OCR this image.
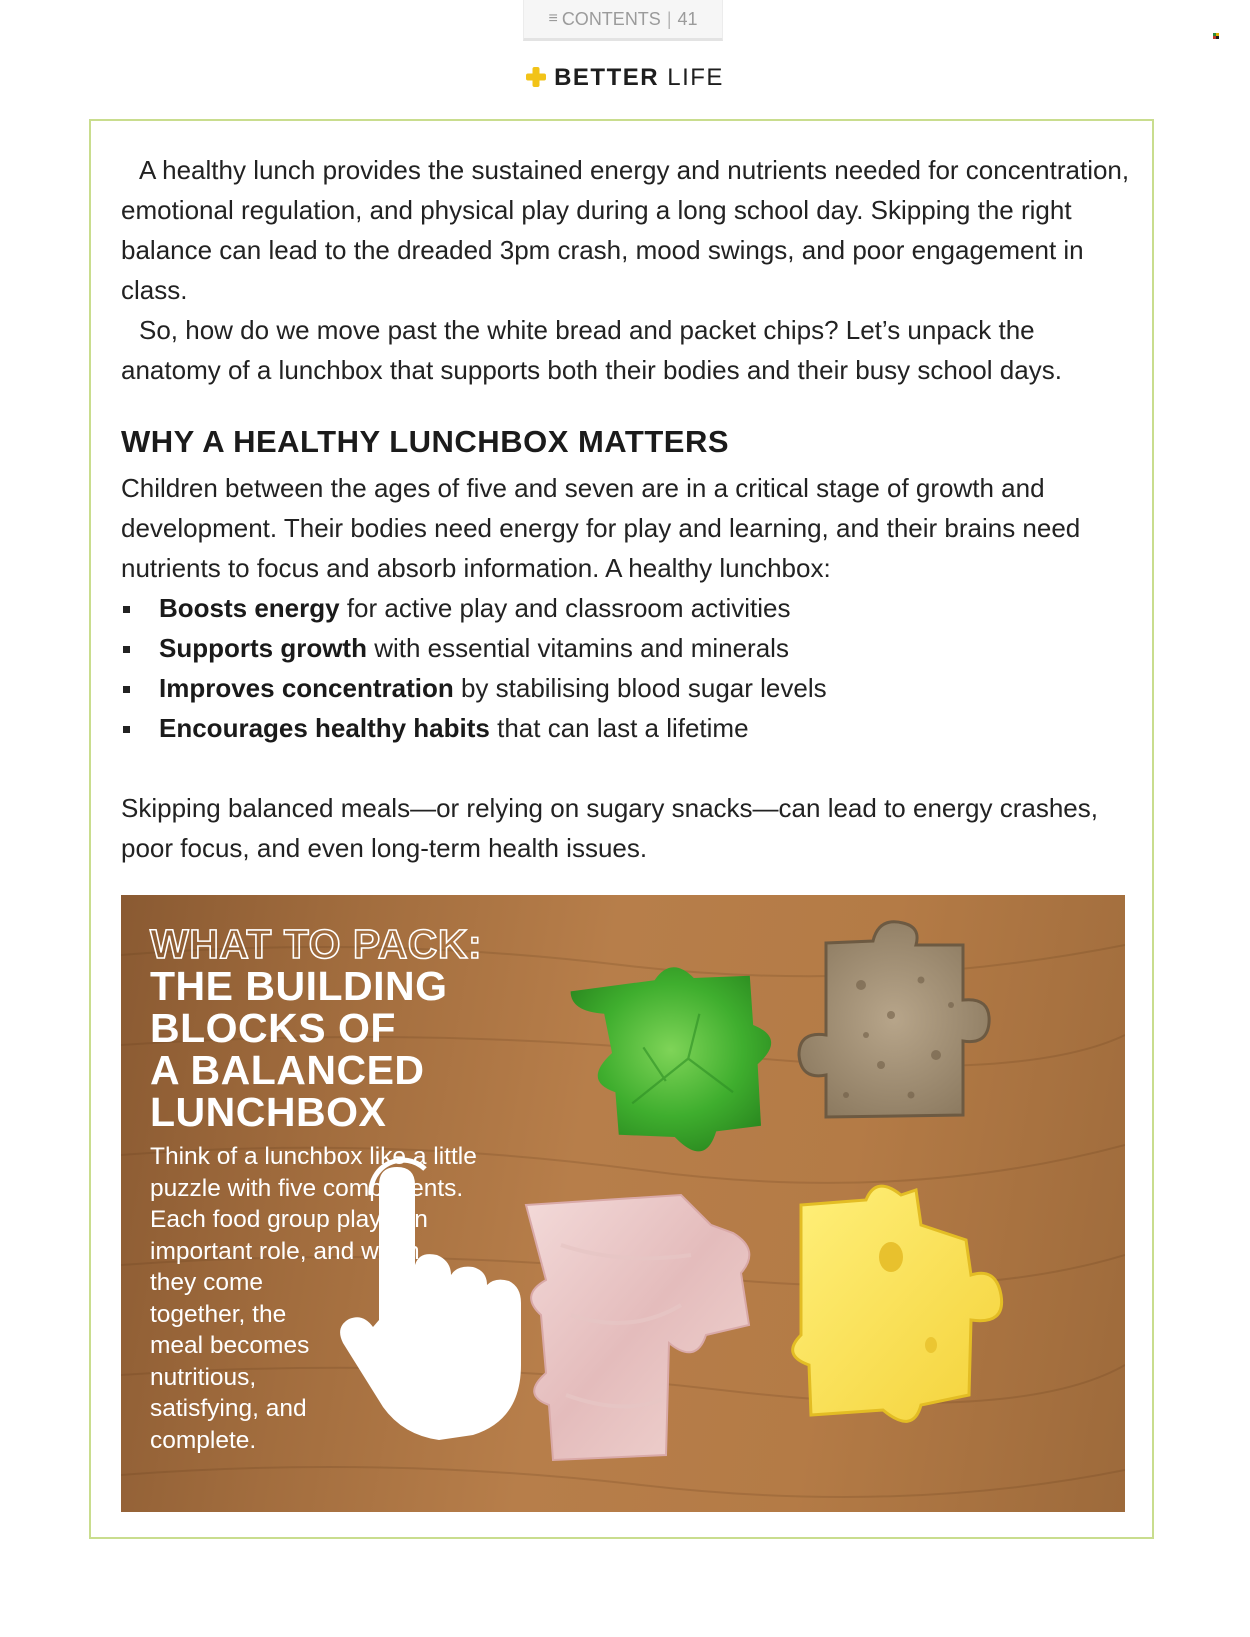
≡ CONTENTS | 41
BETTER LIFE

A healthy lunch provides the sustained energy and nutrients needed for concentration, emotional regulation, and physical play during a long school day. Skipping the right balance can lead to the dreaded 3pm crash, mood swings, and poor engagement in class.

So, how do we move past the white bread and packet chips? Let’s unpack the anatomy of a lunchbox that supports both their bodies and their busy school days.

WHY A HEALTHY LUNCHBOX MATTERS

Children between the ages of five and seven are in a critical stage of growth and development. Their bodies need energy for play and learning, and their brains need nutrients to focus and absorb information. A healthy lunchbox:

Boosts energy for active play and classroom activities
Supports growth with essential vitamins and minerals
Improves concentration by stabilising blood sugar levels
Encourages healthy habits that can last a lifetime

Skipping balanced meals—or relying on sugary snacks—can lead to energy crashes, poor focus, and even long-term health issues.

WHAT TO PACK:
THE BUILDING
BLOCKS OF
A BALANCED
LUNCHBOX

Think of a lunchbox like a little
puzzle with five components.
Each food group plays an
important role, and when
they come
together, the
meal becomes
nutritious,
satisfying, and
complete.
